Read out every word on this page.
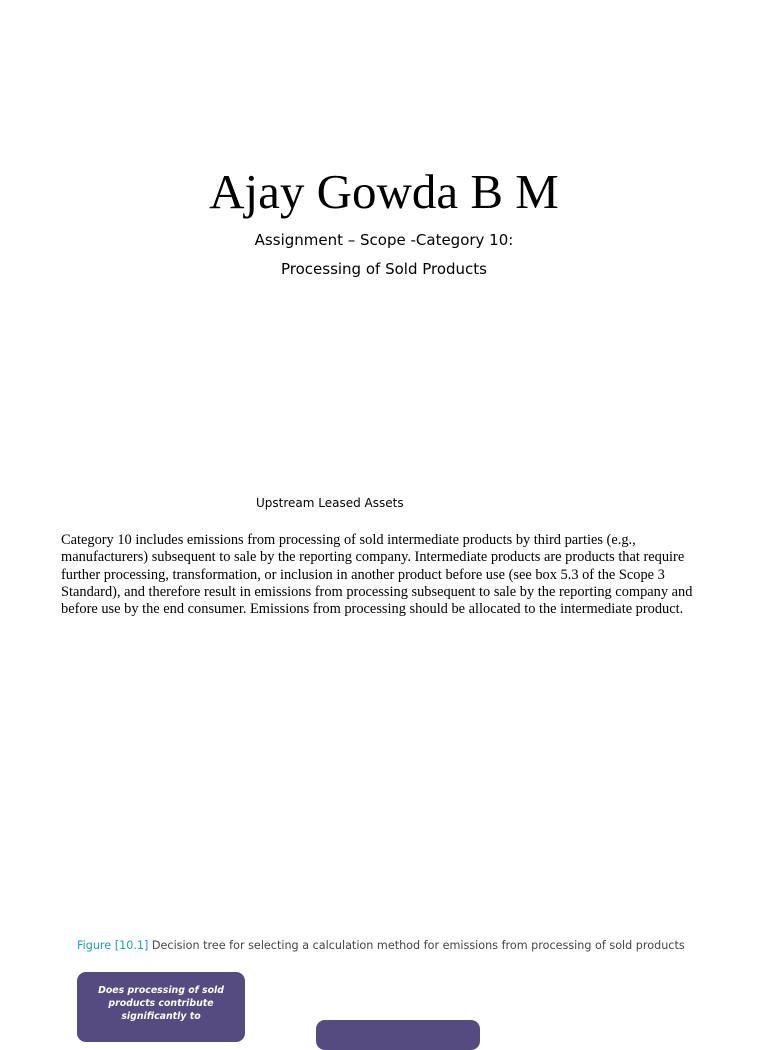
Ajay Gowda B M

Assignment – Scope -Category 10:

Processing of Sold Products

Upstream Leased Assets

Category 10 includes emissions from processing of sold intermediate products by third parties (e.g., manufacturers) subsequent to sale by the reporting company. Intermediate products are products that require further processing, transformation, or inclusion in another product before use (see box 5.3 of the Scope 3 Standard), and therefore result in emissions from processing subsequent to sale by the reporting company and before use by the end consumer. Emissions from processing should be allocated to the intermediate product.

Figure [10.1] Decision tree for selecting a calculation method for emissions from processing of sold products

Does processing of sold products contribute significantly to
